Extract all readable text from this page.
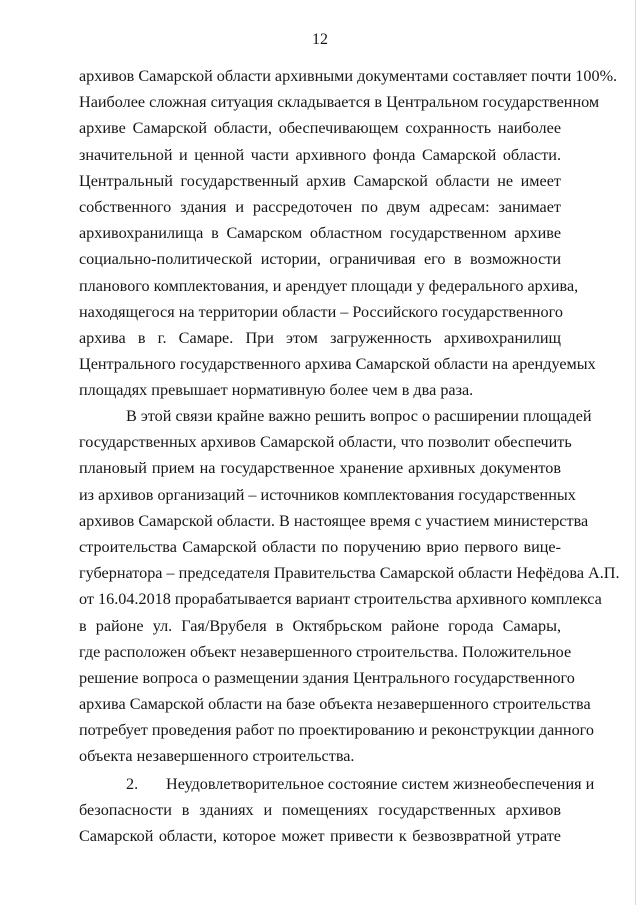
12
архивов Самарской области архивными документами составляет почти 100%.
Наиболее сложная ситуация складывается в Центральном государственном
архиве Самарской области, обеспечивающем сохранность наиболее
значительной и ценной части архивного фонда Самарской области.
Центральный государственный архив Самарской области не имеет
собственного здания и рассредоточен по двум адресам: занимает
архивохранилища в Самарском областном государственном архиве
социально-политической истории, ограничивая его в возможности
планового комплектования, и арендует площади у федерального архива,
находящегося на территории области – Российского государственного
архива в г. Самаре. При этом загруженность архивохранилищ
Центрального государственного архива Самарской области на арендуемых
площадях превышает нормативную более чем в два раза.
В этой связи крайне важно решить вопрос о расширении площадей
государственных архивов Самарской области, что позволит обеспечить
плановый прием на государственное хранение архивных документов
из архивов организаций – источников комплектования государственных
архивов Самарской области. В настоящее время с участием министерства
строительства Самарской области по поручению врио первого вице-
губернатора – председателя Правительства Самарской области Нефёдова А.П.
от 16.04.2018 прорабатывается вариант строительства архивного комплекса
в районе ул. Гая/Врубеля в Октябрьском районе города Самары,
где расположен объект незавершенного строительства. Положительное
решение вопроса о размещении здания Центрального государственного
архива Самарской области на базе объекта незавершенного строительства
потребует проведения работ по проектированию и реконструкции данного
объекта незавершенного строительства.
2. Неудовлетворительное состояние систем жизнеобеспечения и
безопасности в зданиях и помещениях государственных архивов
Самарской области, которое может привести к безвозвратной утрате
